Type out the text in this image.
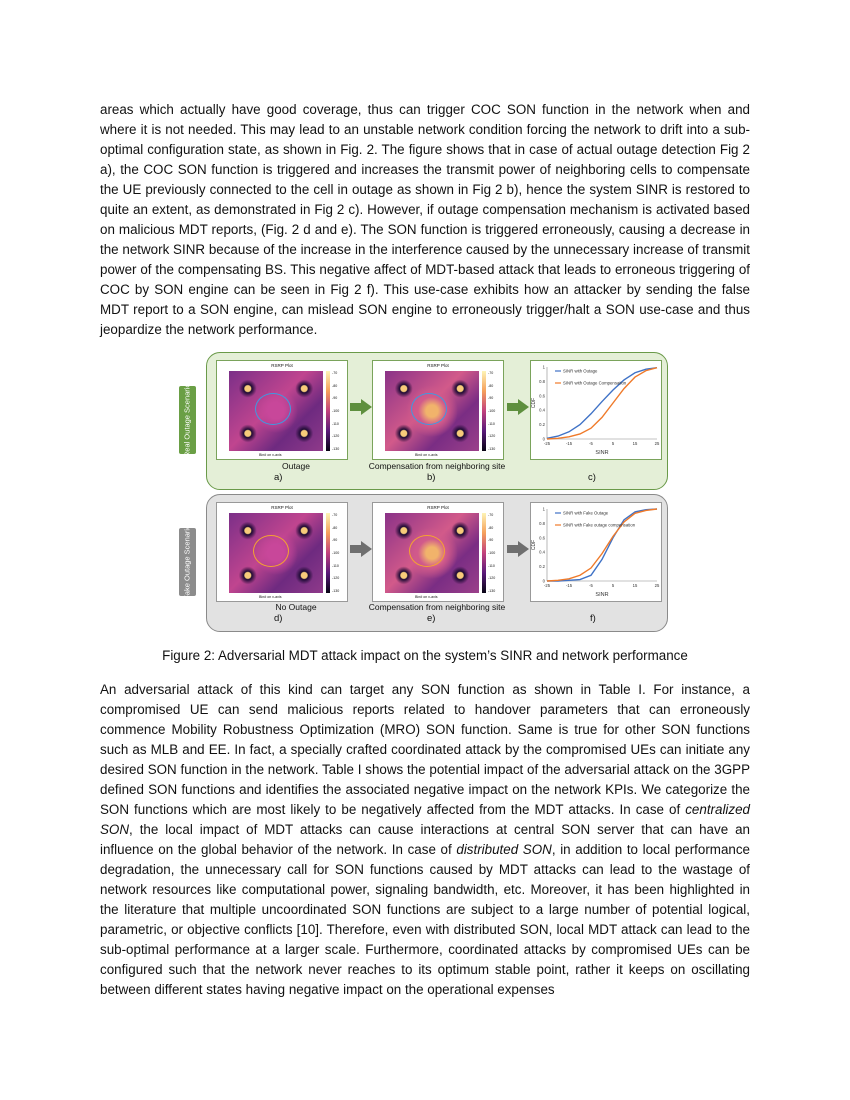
areas which actually have good coverage, thus can trigger COC SON function in the network when and where it is not needed. This may lead to an unstable network condition forcing the network to drift into a sub-optimal configuration state, as shown in Fig. 2. The figure shows that in case of actual outage detection Fig 2 a), the COC SON function is triggered and increases the transmit power of neighboring cells to compensate the UE previously connected to the cell in outage as shown in Fig 2 b), hence the system SINR is restored to quite an extent, as demonstrated in Fig 2 c). However, if outage compensation mechanism is activated based on malicious MDT reports, (Fig. 2 d and e). The SON function is triggered erroneously, causing a decrease in the network SINR because of the increase in the interference caused by the unnecessary increase of transmit power of the compensating BS. This negative affect of MDT-based attack that leads to erroneous triggering of COC by SON engine can be seen in Fig 2 f). This use-case exhibits how an attacker by sending the false MDT report to a SON engine, can mislead SON engine to erroneously trigger/halt a SON use-case and thus jeopardize the network performance.

Real Outage Scenario
Fake Outage Scenario
RSRP Plot
-70
-80
-90
-100
-110
-120
-130
Bin# on x-axis
Outage
a)
RSRP Plot
-70
-80
-90
-100
-110
-120
-130
Bin# on x-axis
Compensation from neighboring site
b)
-25	-15	-5	5	15	25
0
0.2
0.4
0.6
0.8
1
SINR
CDF
SINR with Outage
SINR with Outage Compensation
c)
RSRP Plot
-70
-80
-90
-100
-110
-120
-130
Bin# on x-axis
No Outage
d)
RSRP Plot
-70
-80
-90
-100
-110
-120
-130
Bin# on x-axis
Compensation from neighboring site
e)
-25	-15	-5	5	15	25
0
0.2
0.4
0.6
0.8
1
SINR
CDF
SINR with Fake Outage
SINR with Fake outage compensation
f)
Figure 2: Adversarial MDT attack impact on the system’s SINR and network performance

An adversarial attack of this kind can target any SON function as shown in Table I. For instance, a compromised UE can send malicious reports related to handover parameters that can erroneously commence Mobility Robustness Optimization (MRO) SON function. Same is true for other SON functions such as MLB and EE. In fact, a specially crafted coordinated attack by the compromised UEs can initiate any desired SON function in the network. Table I shows the potential impact of the adversarial attack on the 3GPP defined SON functions and identifies the associated negative impact on the network KPIs. We categorize the SON functions which are most likely to be negatively affected from the MDT attacks. In case of centralized SON, the local impact of MDT attacks can cause interactions at central SON server that can have an influence on the global behavior of the network. In case of distributed SON, in addition to local performance degradation, the unnecessary call for SON functions caused by MDT attacks can lead to the wastage of network resources like computational power, signaling bandwidth, etc. Moreover, it has been highlighted in the literature that multiple uncoordinated SON functions are subject to a large number of potential logical, parametric, or objective conflicts [10]. Therefore, even with distributed SON, local MDT attack can lead to the sub-optimal performance at a larger scale. Furthermore, coordinated attacks by compromised UEs can be configured such that the network never reaches to its optimum stable point, rather it keeps on oscillating between different states having negative impact on the operational expenses
